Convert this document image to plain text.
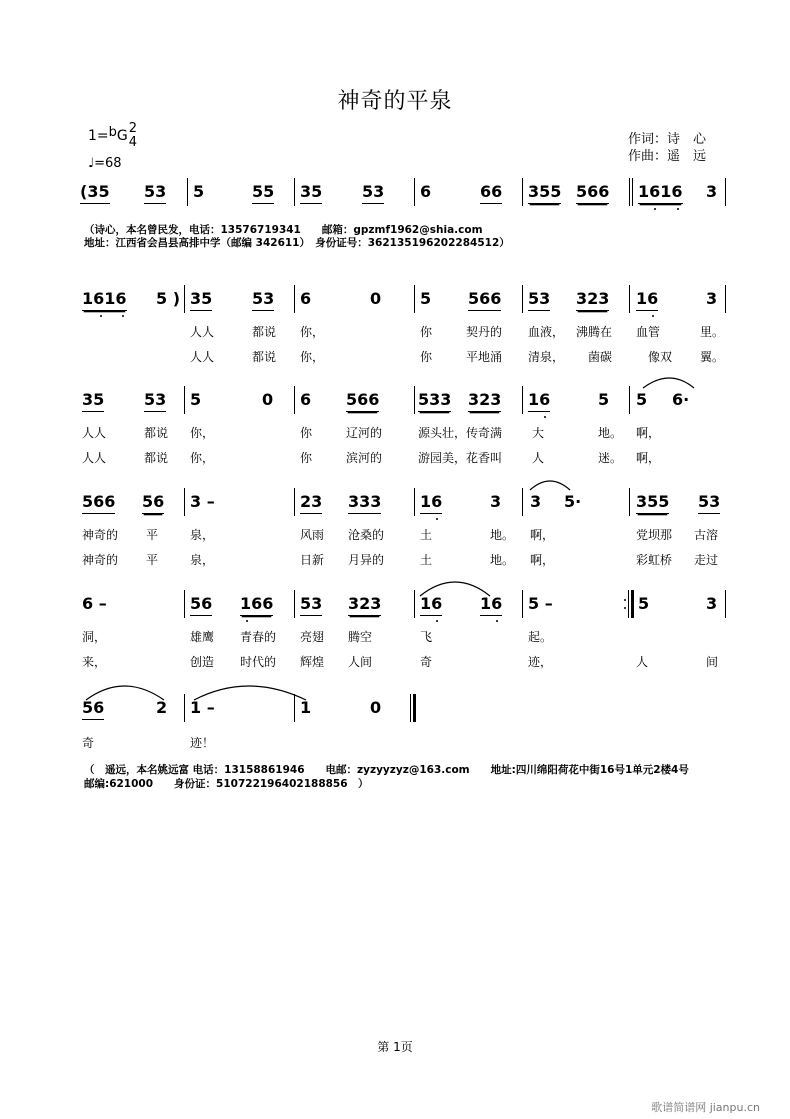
神奇的平泉
1=bG 2
4
♩=68
作词：诗　心
作曲：遥　远
（诗心，本名曾民发，电话：13576719341　　邮箱：gpzmf1962@shia.com
地址：江西省会昌县高排中学（邮编 342611）　身份证号：362135196202284512）
(35 53 5	55 35 53 6	66 355 566 1616 3
1616 5 ) 35 53 6	0 5 566 53 323 16	3
人人	都说 你，	你	契丹的 血液， 沸腾在 血管	里。
人人	都说 你，	你	平地涌 清泉， 菌碳	像双 翼。
35 53 5	0 6 566 533 323 16	5 5 6·
人人	都说 你，	你	辽河的	源头壮， 传奇满 大	地。 啊，
人人	都说 你，	你	滨河的	游园美， 花香叫 人	迷。 啊，
566 56 3 –	23 333 16	3 3 5·	355 53
神奇的 平	泉，	风雨 沧桑的	土	地。 啊，	党坝那 古溶
神奇的 平	泉，	日新 月异的	土	地。 啊，	彩虹桥 走过
6 –	56 166 53 323 16 16 5 –	5	3
洞，	雄鹰 青春的 亮翅 腾空	飞	起。
来，	创造 时代的 辉煌 人间	奇	迹，	人	间
56	2 1 –	1	0
奇	迹！
（　遥远，本名姚远富 电话：13158861946　　电邮：zyzyyzyz@163.com　　地址:四川绵阳荷花中街16号1单元2楼4号
邮编:621000　　身份证：510722196402188856　）
第 1页
歌谱简谱网 jianpu.cn
